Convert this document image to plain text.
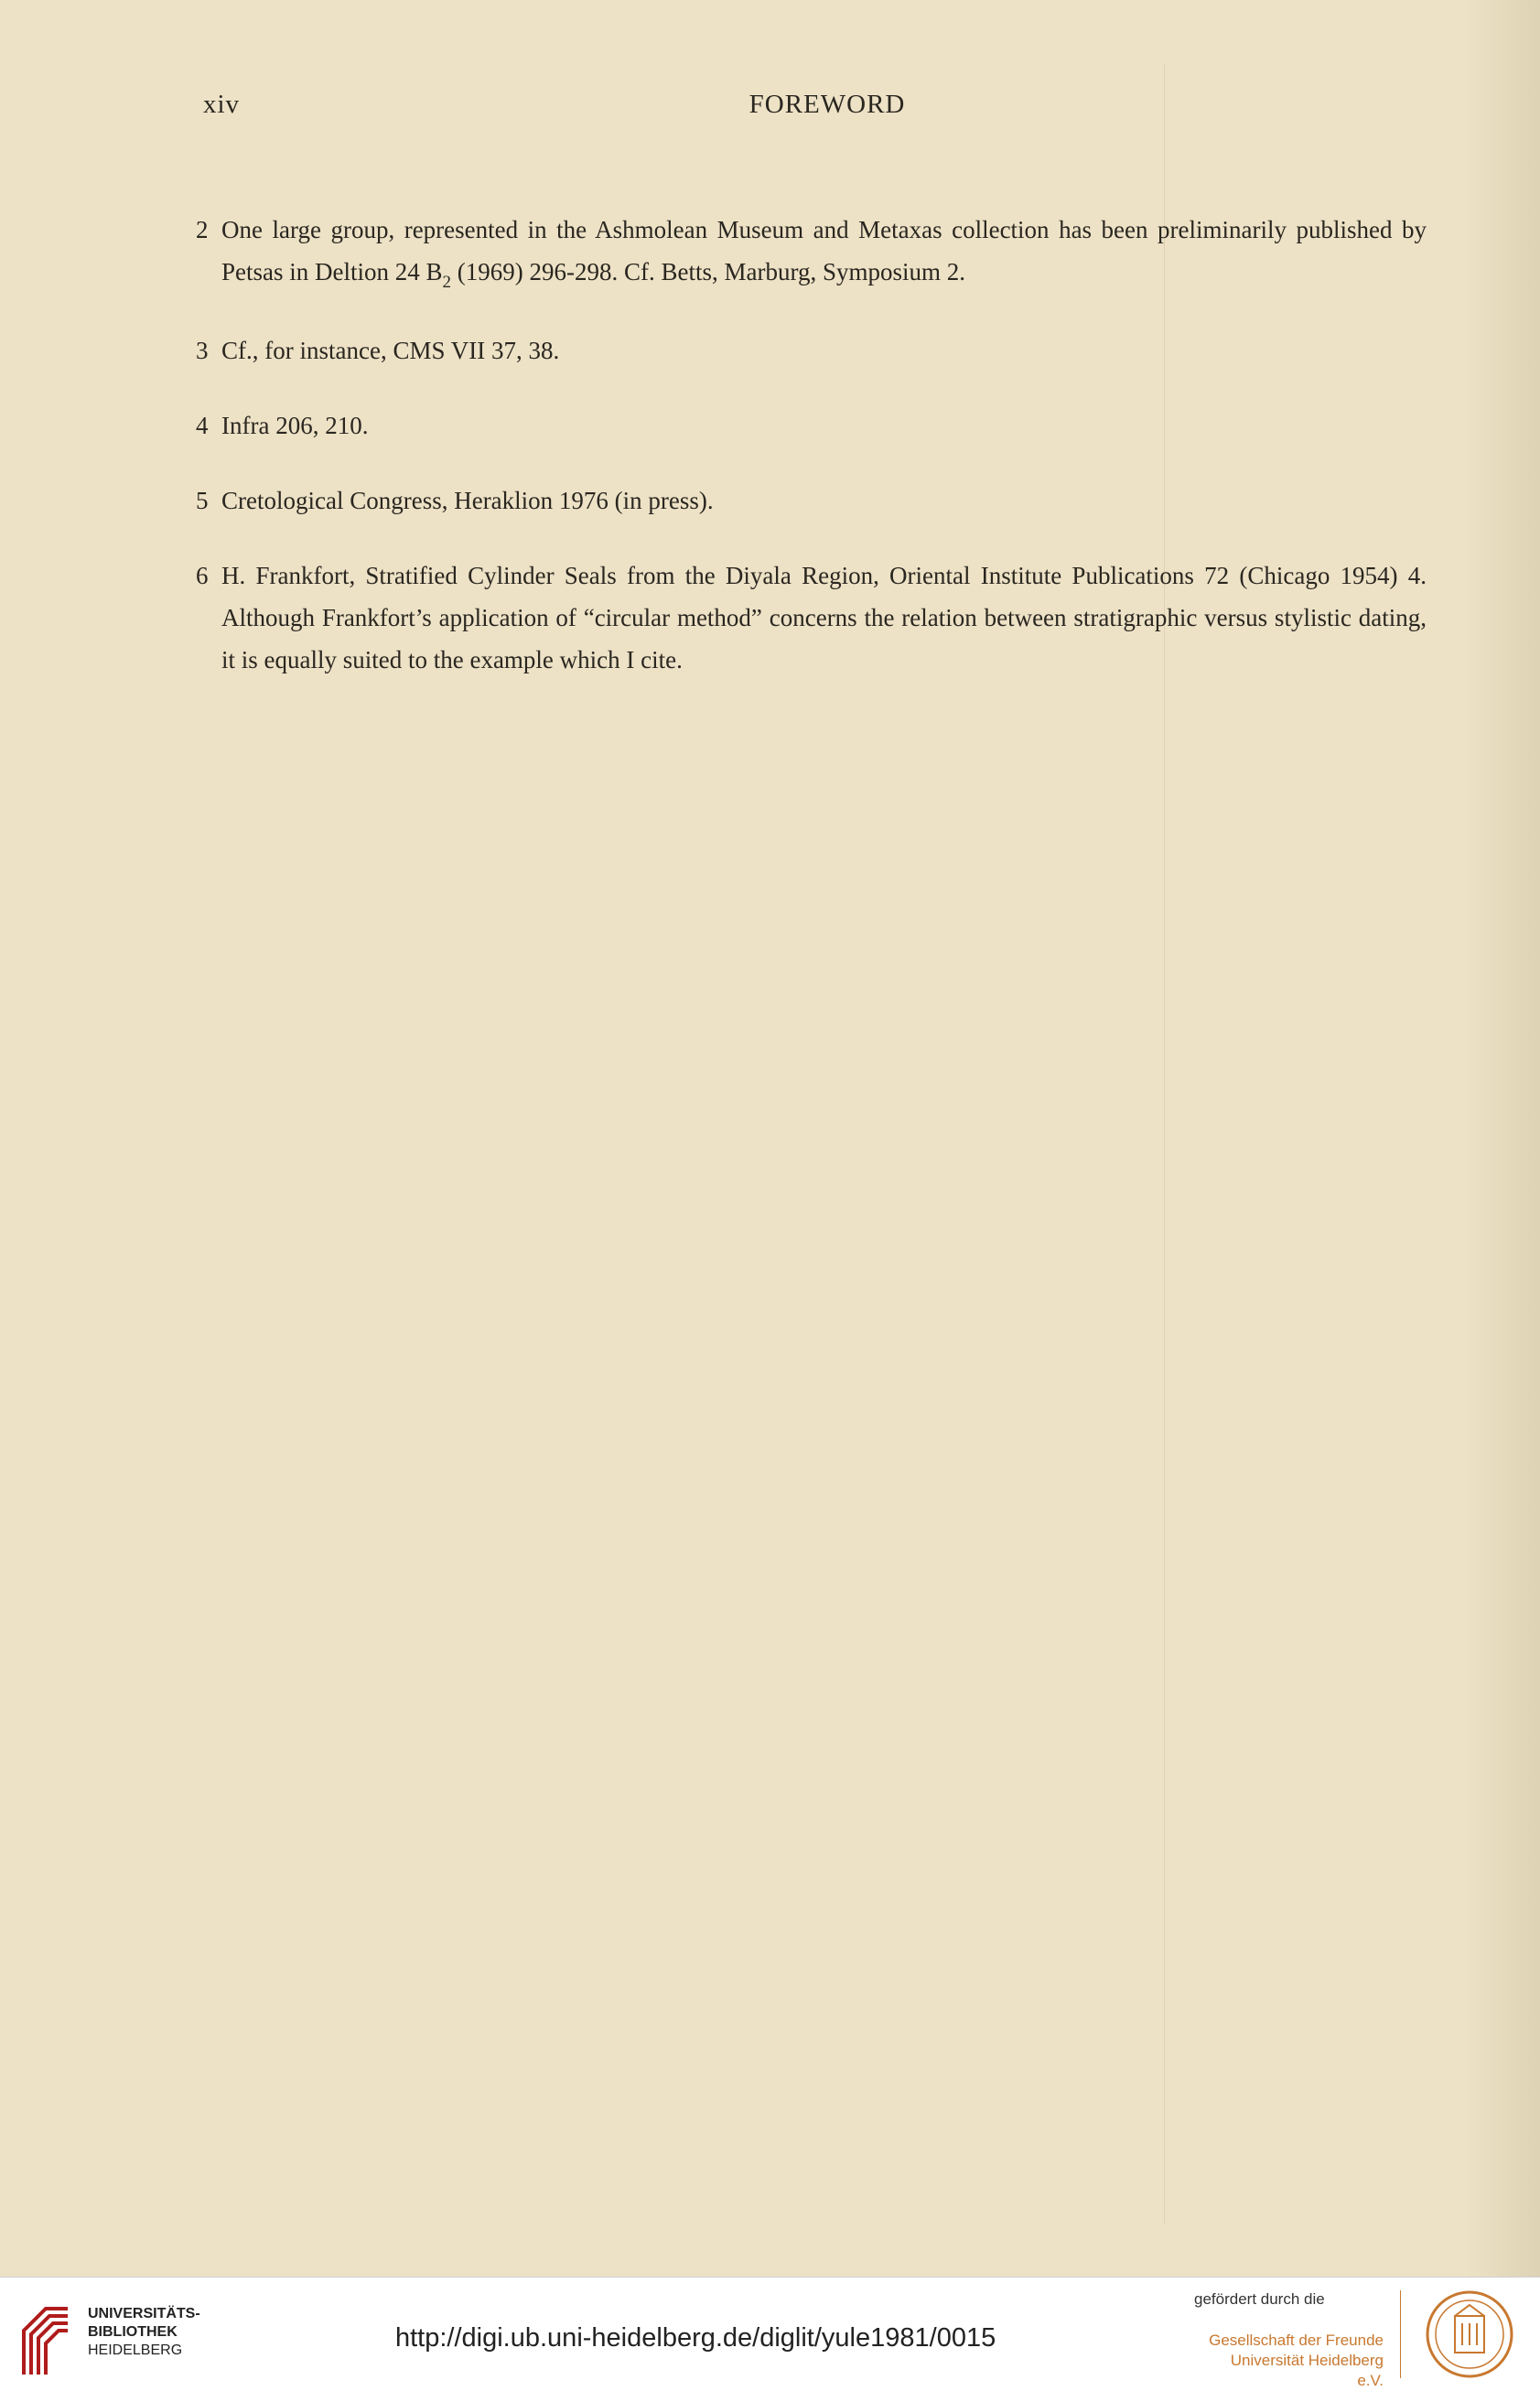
xiv	FOREWORD
2 One large group, represented in the Ashmolean Museum and Metaxas collection has been preliminarily published by Petsas in Deltion 24 $B_2$ (1969) 296-298. Cf. Betts, Marburg, Symposium 2.
3 Cf., for instance, CMS VII 37, 38.
4 Infra 206, 210.
5 Cretological Congress, Heraklion 1976 (in press).
6 H. Frankfort, Stratified Cylinder Seals from the Diyala Region, Oriental Institute Publications 72 (Chicago 1954) 4. Although Frankfort’s application of “circular method” concerns the relation between stratigraphic versus stylistic dating, it is equally suited to the example which I cite.
UNIVERSITÄTS-
BIBLIOTHEK
HEIDELBERG	http://digi.ub.uni-heidelberg.de/diglit/yule1981/0015
gefördert durch die
Gesellschaft der Freunde
Universität Heidelberg e.V.
